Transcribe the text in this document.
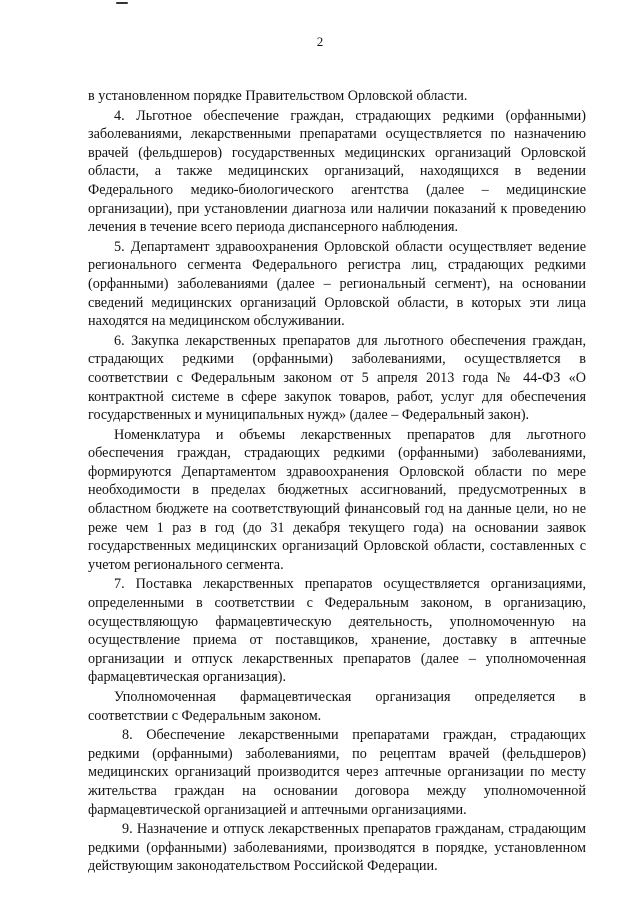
2

в установленном порядке Правительством Орловской области.

4. Льготное обеспечение граждан, страдающих редкими (орфанными) заболеваниями, лекарственными препаратами осуществляется по назначению врачей (фельдшеров) государственных медицинских организаций Орловской области, а также медицинских организаций, находящихся в ведении Федерального медико-биологического агентства (далее – медицинские организации), при установлении диагноза или наличии показаний к проведению лечения в течение всего периода диспансерного наблюдения.

5. Департамент здравоохранения Орловской области осуществляет ведение регионального сегмента Федерального регистра лиц, страдающих редкими (орфанными) заболеваниями (далее – региональный сегмент), на основании сведений медицинских организаций Орловской области, в которых эти лица находятся на медицинском обслуживании.

6. Закупка лекарственных препаратов для льготного обеспечения граждан, страдающих редкими (орфанными) заболеваниями, осуществляется в соответствии с Федеральным законом от 5 апреля 2013 года № 44-ФЗ «О контрактной системе в сфере закупок товаров, работ, услуг для обеспечения государственных и муниципальных нужд» (далее – Федеральный закон).

Номенклатура и объемы лекарственных препаратов для льготного обеспечения граждан, страдающих редкими (орфанными) заболеваниями, формируются Департаментом здравоохранения Орловской области по мере необходимости в пределах бюджетных ассигнований, предусмотренных в областном бюджете на соответствующий финансовый год на данные цели, но не реже чем 1 раз в год (до 31 декабря текущего года) на основании заявок государственных медицинских организаций Орловской области, составленных с учетом регионального сегмента.

7. Поставка лекарственных препаратов осуществляется организациями, определенными в соответствии с Федеральным законом, в организацию, осуществляющую фармацевтическую деятельность, уполномоченную на осуществление приема от поставщиков, хранение, доставку в аптечные организации и отпуск лекарственных препаратов (далее – уполномоченная фармацевтическая организация).

Уполномоченная фармацевтическая организация определяется в соответствии с Федеральным законом.

8. Обеспечение лекарственными препаратами граждан, страдающих редкими (орфанными) заболеваниями, по рецептам врачей (фельдшеров) медицинских организаций производится через аптечные организации по месту жительства граждан на основании договора между уполномоченной фармацевтической организацией и аптечными организациями.

9. Назначение и отпуск лекарственных препаратов гражданам, страдающим редкими (орфанными) заболеваниями, производятся в порядке, установленном действующим законодательством Российской Федерации.
